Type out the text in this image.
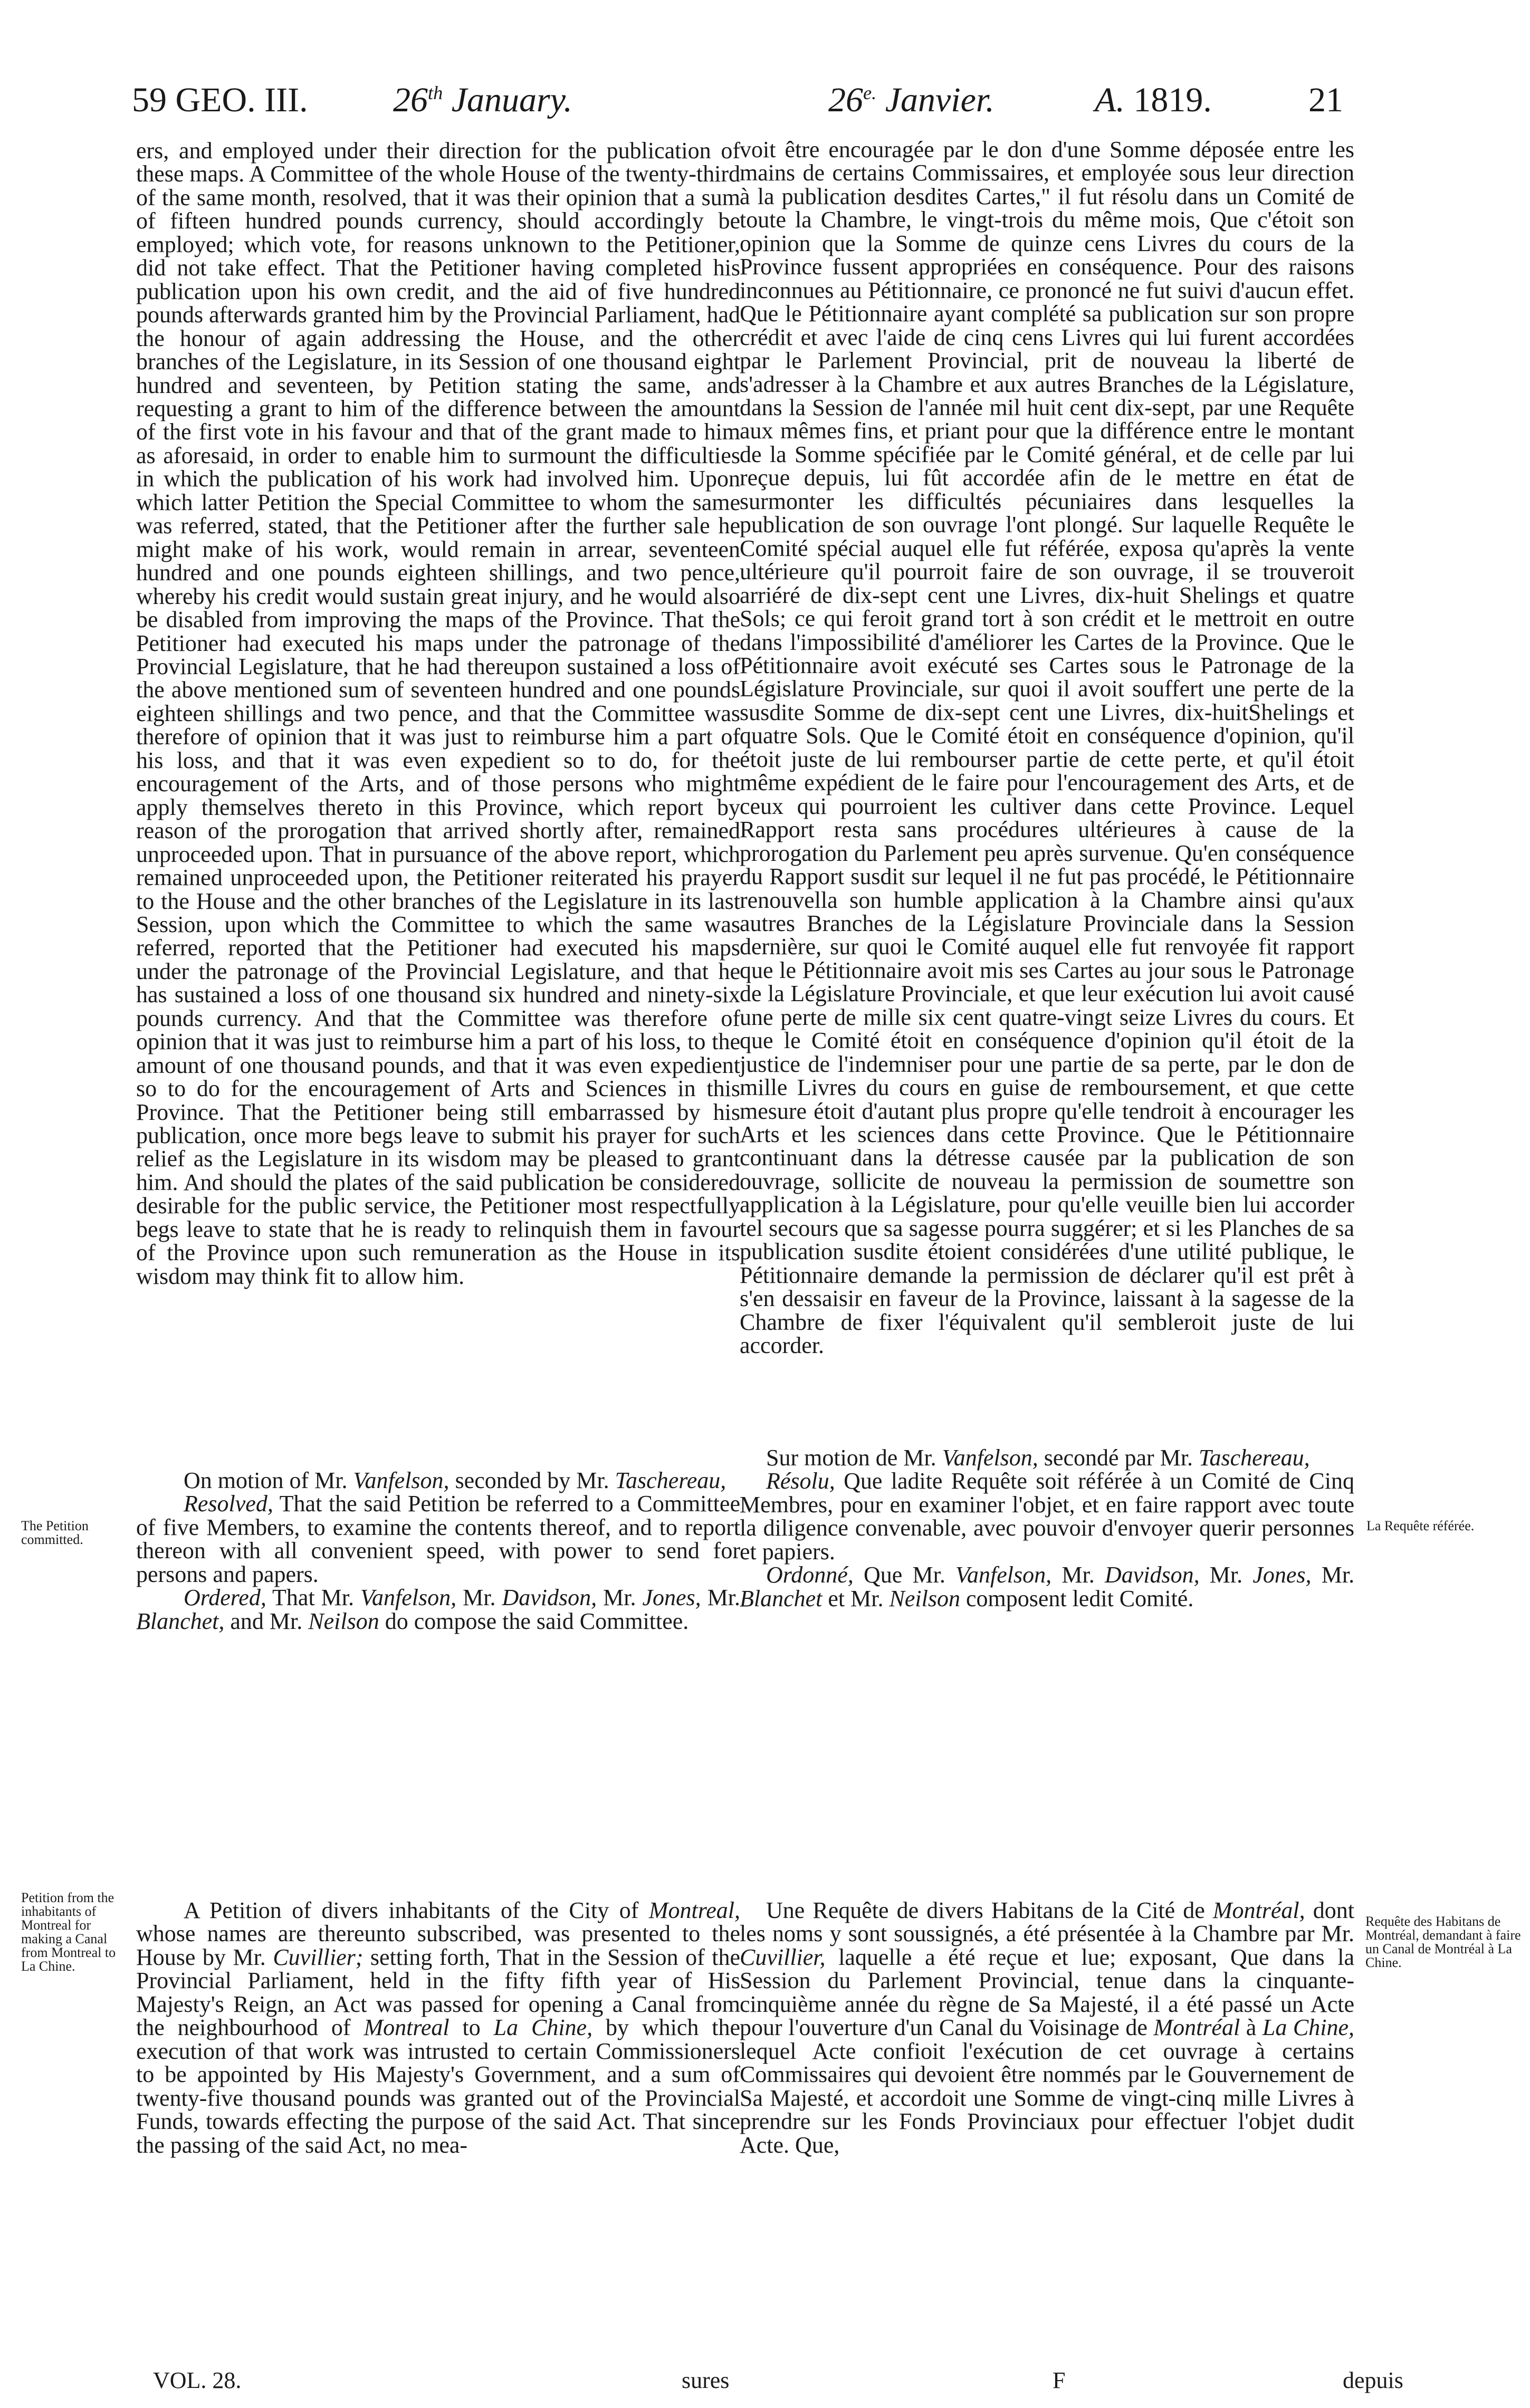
59 GEO. III. 26th January.	$26^{e.}$ Janvier.	A. 1819.	21

ers, and employed under their direction for the publication of these maps. A Committee of the whole House of the twenty-third of the same month, resolved, that it was their opinion that a sum of fifteen hundred pounds currency, should accordingly be employed; which vote, for reasons unknown to the Petitioner, did not take effect. That the Petitioner having completed his publication upon his own credit, and the aid of five hundred pounds afterwards granted him by the Provincial Parliament, had the honour of again addressing the House, and the other branches of the Legislature, in its Session of one thousand eight hundred and seventeen, by Petition stating the same, and requesting a grant to him of the difference between the amount of the first vote in his favour and that of the grant made to him as aforesaid, in order to enable him to surmount the difficulties in which the publication of his work had involved him. Upon which latter Petition the Special Committee to whom the same was referred, stated, that the Petitioner after the further sale he might make of his work, would remain in arrear, seventeen hundred and one pounds eighteen shillings, and two pence, whereby his credit would sustain great injury, and he would also be disabled from improving the maps of the Province. That the Petitioner had executed his maps under the patronage of the Provincial Legislature, that he had thereupon sustained a loss of the above mentioned sum of seventeen hundred and one pounds eighteen shillings and two pence, and that the Committee was therefore of opinion that it was just to reimburse him a part of his loss, and that it was even expedient so to do, for the encouragement of the Arts, and of those persons who might apply themselves thereto in this Province, which report by reason of the prorogation that arrived shortly after, remained unproceeded upon. That in pursuance of the above report, which remained unproceeded upon, the Petitioner reiterated his prayer to the House and the other branches of the Legislature in its last Session, upon which the Committee to which the same was referred, reported that the Petitioner had executed his maps under the patronage of the Provincial Legislature, and that he has sustained a loss of one thousand six hundred and ninety-six pounds currency. And that the Committee was therefore of opinion that it was just to reimburse him a part of his loss, to the amount of one thousand pounds, and that it was even expedient so to do for the encouragement of Arts and Sciences in this Province. That the Petitioner being still embarrassed by his publication, once more begs leave to submit his prayer for such relief as the Legislature in its wisdom may be pleased to grant him. And should the plates of the said publication be considered desirable for the public service, the Petitioner most respectfully begs leave to state that he is ready to relinquish them in favour of the Province upon such remuneration as the House in its wisdom may think fit to allow him.

voit être encouragée par le don d'une Somme déposée entre les mains de certains Commissaires, et employée sous leur direction à la publication desdites Cartes," il fut résolu dans un Comité de toute la Chambre, le vingt-trois du même mois, Que c'étoit son opinion que la Somme de quinze cens Livres du cours de la Province fussent appropriées en conséquence. Pour des raisons inconnues au Pétitionnaire, ce prononcé ne fut suivi d'aucun effet. Que le Pétitionnaire ayant complété sa publication sur son propre crédit et avec l'aide de cinq cens Livres qui lui furent accordées par le Parlement Provincial, prit de nouveau la liberté de s'adresser à la Chambre et aux autres Branches de la Législature, dans la Session de l'année mil huit cent dix-sept, par une Requête aux mêmes fins, et priant pour que la différence entre le montant de la Somme spécifiée par le Comité général, et de celle par lui reçue depuis, lui fût accordée afin de le mettre en état de surmonter les difficultés pécuniaires dans lesquelles la publication de son ouvrage l'ont plongé. Sur laquelle Requête le Comité spécial auquel elle fut référée, exposa qu'après la vente ultérieure qu'il pourroit faire de son ouvrage, il se trouveroit arriéré de dix-sept cent une Livres, dix-huit Shelings et quatre Sols; ce qui feroit grand tort à son crédit et le mettroit en outre dans l'impossibilité d'améliorer les Cartes de la Province. Que le Pétitionnaire avoit exécuté ses Cartes sous le Patronage de la Législature Provinciale, sur quoi il avoit souffert une perte de la susdite Somme de dix-sept cent une Livres, dix-huitShelings et quatre Sols. Que le Comité étoit en conséquence d'opinion, qu'il étoit juste de lui rembourser partie de cette perte, et qu'il étoit même expédient de le faire pour l'encouragement des Arts, et de ceux qui pourroient les cultiver dans cette Province. Lequel Rapport resta sans procédures ultérieures à cause de la prorogation du Parlement peu après survenue. Qu'en conséquence du Rapport susdit sur lequel il ne fut pas procédé, le Pétitionnaire renouvella son humble application à la Chambre ainsi qu'aux autres Branches de la Législature Provinciale dans la Session dernière, sur quoi le Comité auquel elle fut renvoyée fit rapport que le Pétitionnaire avoit mis ses Cartes au jour sous le Patronage de la Législature Provinciale, et que leur exécution lui avoit causé une perte de mille six cent quatre-vingt seize Livres du cours. Et que le Comité étoit en conséquence d'opinion qu'il étoit de la justice de l'indemniser pour une partie de sa perte, par le don de mille Livres du cours en guise de remboursement, et que cette mesure étoit d'autant plus propre qu'elle tendroit à encourager les Arts et les sciences dans cette Province. Que le Pétitionnaire continuant dans la détresse causée par la publication de son ouvrage, sollicite de nouveau la permission de soumettre son application à la Législature, pour qu'elle veuille bien lui accorder tel secours que sa sagesse pourra suggérer; et si les Planches de sa publication susdite étoient considérées d'une utilité publique, le Pétitionnaire demande la permission de déclarer qu'il est prêt à s'en dessaisir en faveur de la Province, laissant à la sagesse de la Chambre de fixer l'équivalent qu'il sembleroit juste de lui accorder.

On motion of Mr. Vanfelson, seconded by Mr. Taschereau,

Resolved, That the said Petition be referred to a Committee of five Members, to examine the contents thereof, and to report thereon with all convenient speed, with power to send for persons and papers.

Ordered, That Mr. Vanfelson, Mr. Davidson, Mr. Jones, Mr. Blanchet, and Mr. Neilson do compose the said Committee.

Sur motion de Mr. Vanfelson, secondé par Mr. Taschereau,

Résolu, Que ladite Requête soit référée à un Comité de Cinq Membres, pour en examiner l'objet, et en faire rapport avec toute la diligence convenable, avec pouvoir d'envoyer querir personnes et papiers.

Ordonné, Que Mr. Vanfelson, Mr. Davidson, Mr. Jones, Mr. Blanchet et Mr. Neilson composent ledit Comité.

A Petition of divers inhabitants of the City of Montreal, whose names are thereunto subscribed, was presented to the House by Mr. Cuvillier; setting forth, That in the Session of the Provincial Parliament, held in the fifty fifth year of His Majesty's Reign, an Act was passed for opening a Canal from the neighbourhood of Montreal to La Chine, by which the execution of that work was intrusted to certain Commissioners to be appointed by His Majesty's Government, and a sum of twenty-five thousand pounds was granted out of the Provincial Funds, towards effecting the purpose of the said Act. That since the passing of the said Act, no mea-

Une Requête de divers Habitans de la Cité de Montréal, dont les noms y sont soussignés, a été présentée à la Chambre par Mr. Cuvillier, laquelle a été reçue et lue; exposant, Que dans la Session du Parlement Provincial, tenue dans la cinquante-cinquième année du règne de Sa Majesté, il a été passé un Acte pour l'ouverture d'un Canal du Voisinage de Montréal à La Chine, lequel Acte confioit l'exécution de cet ouvrage à certains Commissaires qui devoient être nommés par le Gouvernement de Sa Majesté, et accordoit une Somme de vingt-cinq mille Livres à prendre sur les Fonds Provinciaux pour effectuer l'objet dudit Acte. Que,

The Petition committed.
Petition from the inhabitants of Montreal for making a Canal from Montreal to La Chine.
La Requête référée.
Requête des Habitans de Montréal, demandant à faire un Canal de Montréal à La Chine.
VOL. 28.	sures	F	depuis
